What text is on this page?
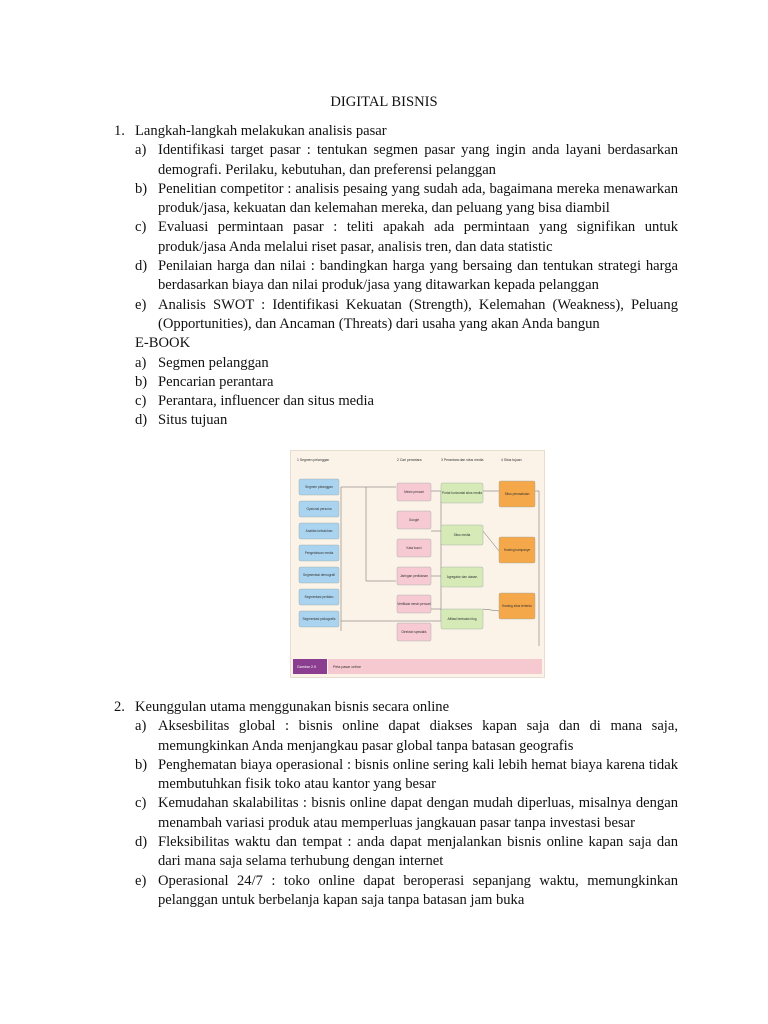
DIGITAL BISNIS
1. Langkah-langkah melakukan analisis pasar
a) Identifikasi target pasar : tentukan segmen pasar yang ingin anda layani berdasarkan demografi. Perilaku, kebutuhan, dan preferensi pelanggan
b) Penelitian competitor : analisis pesaing yang sudah ada, bagaimana mereka menawarkan produk/jasa, kekuatan dan kelemahan mereka, dan peluang yang bisa diambil
c) Evaluasi permintaan pasar : teliti apakah ada permintaan yang signifikan untuk produk/jasa Anda melalui riset pasar, analisis tren, dan data statistic
d) Penilaian harga dan nilai : bandingkan harga yang bersaing dan tentukan strategi harga berdasarkan biaya dan nilai produk/jasa yang ditawarkan kepada pelanggan
e) Analisis SWOT : Identifikasi Kekuatan (Strength), Kelemahan (Weakness), Peluang (Opportunities), dan Ancaman (Threats) dari usaha yang akan Anda bangun
E-BOOK
a) Segmen pelanggan
b) Pencarian perantara
c) Perantara, influencer dan situs media
d) Situs tujuan
1 Segmen pelanggan	2 Cari perantara	3 Perantara dan situs media	4 Situs tujuan
Segmen pelanggan
Opsional persona
Analisis kebutuhan
Pengetahuan media
Segmentasi demografi
Segmentasi perilaku
Segmentasi psikografis
Mesin pencari
Google
Kata kunci
Jaringan periklanan
Verifikasi mesin pencari
Direktori spesialis
Portal horizontal situs media
Situs media
Agregator dan ulasan
Afiliasi berbasis blog
Situs perusahaan
Hosting kampanye
Hosting situs tertentu
Gambar 2.9	Peta pasar online
2. Keunggulan utama menggunakan bisnis secara online
a) Aksesbilitas global : bisnis online dapat diakses kapan saja dan di mana saja, memungkinkan Anda menjangkau pasar global tanpa batasan geografis
b) Penghematan biaya operasional : bisnis online sering kali lebih hemat biaya karena tidak membutuhkan fisik toko atau kantor yang besar
c) Kemudahan skalabilitas : bisnis online dapat dengan mudah diperluas, misalnya dengan menambah variasi produk atau memperluas jangkauan pasar tanpa investasi besar
d) Fleksibilitas waktu dan tempat : anda dapat menjalankan bisnis online kapan saja dan dari mana saja selama terhubung dengan internet
e) Operasional 24/7 : toko online dapat beroperasi sepanjang waktu, memungkinkan pelanggan untuk berbelanja kapan saja tanpa batasan jam buka
